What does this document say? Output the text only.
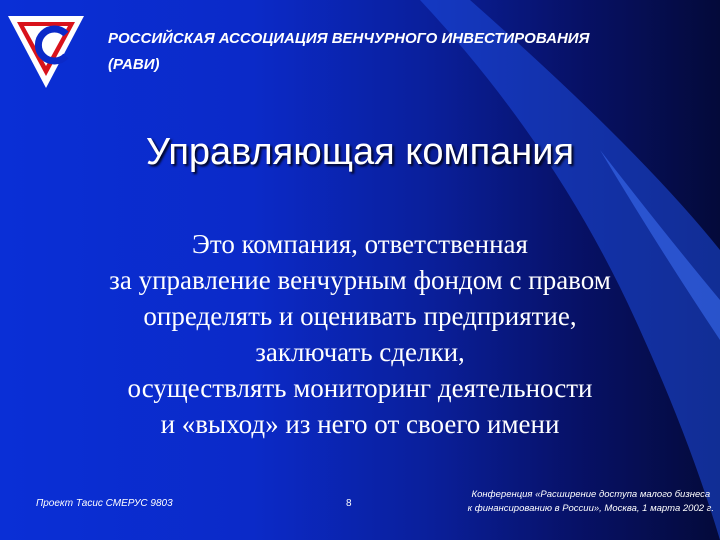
РОССИЙСКАЯ АССОЦИАЦИЯ ВЕНЧУРНОГО ИНВЕСТИРОВАНИЯ
(РАВИ)
Управляющая компания
Это компания, ответственная
за управление венчурным фондом с правом
определять и оценивать предприятие,
заключать сделки,
осуществлять мониторинг деятельности
и «выход» из него от своего имени
Проект Тасис СМЕРУС 9803	8
Конференция «Расширение доступа малого бизнеса
к финансированию в России», Москва, 1 марта 2002 г.
